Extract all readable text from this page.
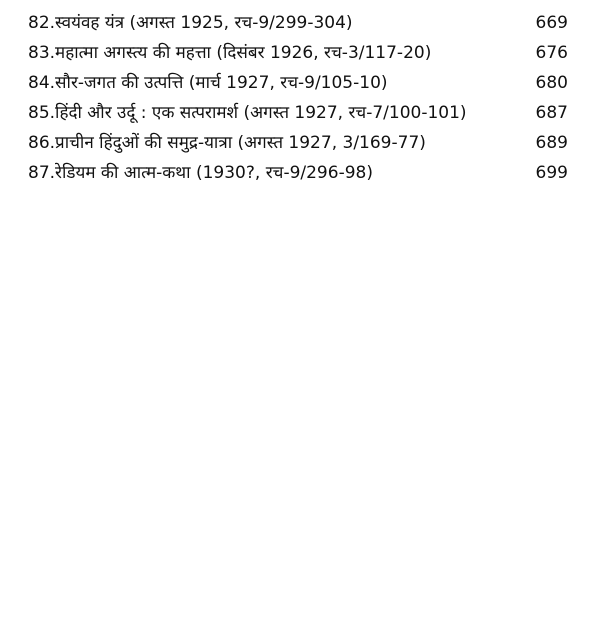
82. स्वयंवह यंत्र (अगस्त 1925, रच-9/299-304)	669
83. महात्मा अगस्त्य की महत्ता (दिसंबर 1926, रच-3/117-20)	676
84. सौर-जगत की उत्पत्ति (मार्च 1927, रच-9/105-10)	680
85. हिंदी और उर्दू : एक सत्परामर्श (अगस्त 1927, रच-7/100-101)	687
86. प्राचीन हिंदुओं की समुद्र-यात्रा (अगस्त 1927, 3/169-77)	689
87. रेडियम की आत्म-कथा (1930?, रच-9/296-98)	699
